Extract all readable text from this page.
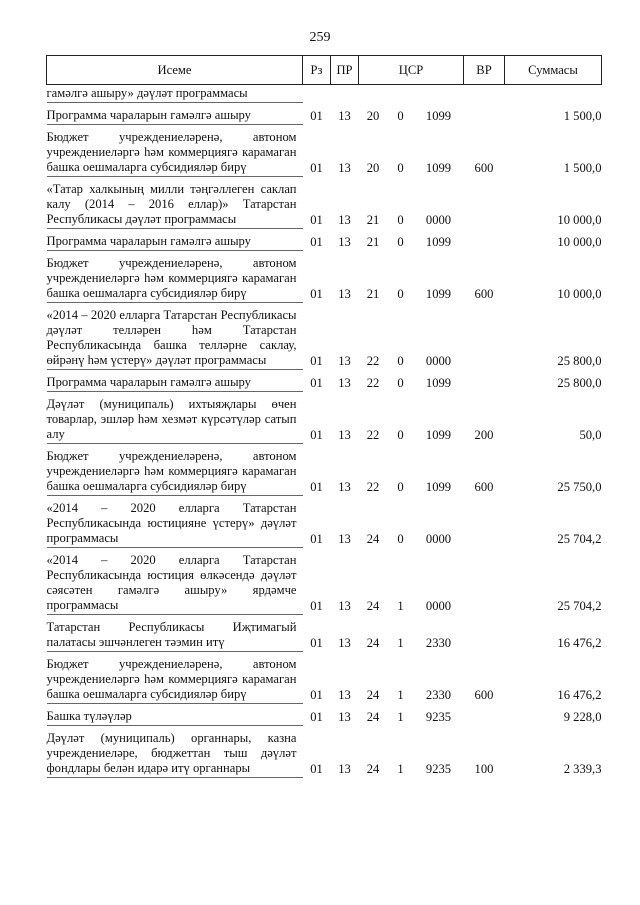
259
Исеме	Рз	ПР	ЦСР			ВР	Суммасы
гамәлгә ашыру» дәүләт программасы							
Программа чараларын гамәлгә ашыру	01	13	20	0	1099		1 500,0
Бюджет учреждениеләренә, автоном учреждениеләргә һәм коммерциягә карамаган башка оешмаларга субсидияләр бирү	01	13	20	0	1099	600	1 500,0
«Татар халкының милли тәңгәллеген саклап калу (2014 – 2016 еллар)» Татарстан Республикасы дәүләт программасы	01	13	21	0	0000		10 000,0
Программа чараларын гамәлгә ашыру	01	13	21	0	1099		10 000,0
Бюджет учреждениеләренә, автоном учреждениеләргә һәм коммерциягә карамаган башка оешмаларга субсидияләр бирү	01	13	21	0	1099	600	10 000,0
«2014 – 2020 елларга Татарстан Республикасы дәүләт телләрен һәм Татарстан Республикасында башка телләрне саклау, өйрәнү һәм үстерү» дәүләт программасы	01	13	22	0	0000		25 800,0
Программа чараларын гамәлгә ашыру	01	13	22	0	1099		25 800,0
Дәүләт (муниципаль) ихтыяҗлары өчен товарлар, эшләр һәм хезмәт күрсәтүләр сатып алу	01	13	22	0	1099	200	50,0
Бюджет учреждениеләренә, автоном учреждениеләргә һәм коммерциягә карамаган башка оешмаларга субсидияләр бирү	01	13	22	0	1099	600	25 750,0
«2014 – 2020 елларга Татарстан Республикасында юстицияне үстерү» дәүләт программасы	01	13	24	0	0000		25 704,2
«2014 – 2020 елларга Татарстан Республикасында юстиция өлкәсендә дәүләт сәясәтен гамәлгә ашыру» ярдәмче программасы	01	13	24	1	0000		25 704,2
Татарстан Республикасы Иҗтимагый палатасы эшчәнлеген тәэмин итү	01	13	24	1	2330		16 476,2
Бюджет учреждениеләренә, автоном учреждениеләргә һәм коммерциягә карамаган башка оешмаларга субсидияләр бирү	01	13	24	1	2330	600	16 476,2
Башка түләүләр	01	13	24	1	9235		9 228,0
Дәүләт (муниципаль) органнары, казна учреждениеләре, бюджеттан тыш дәүләт фондлары белән идарә итү органнары	01	13	24	1	9235	100	2 339,3
